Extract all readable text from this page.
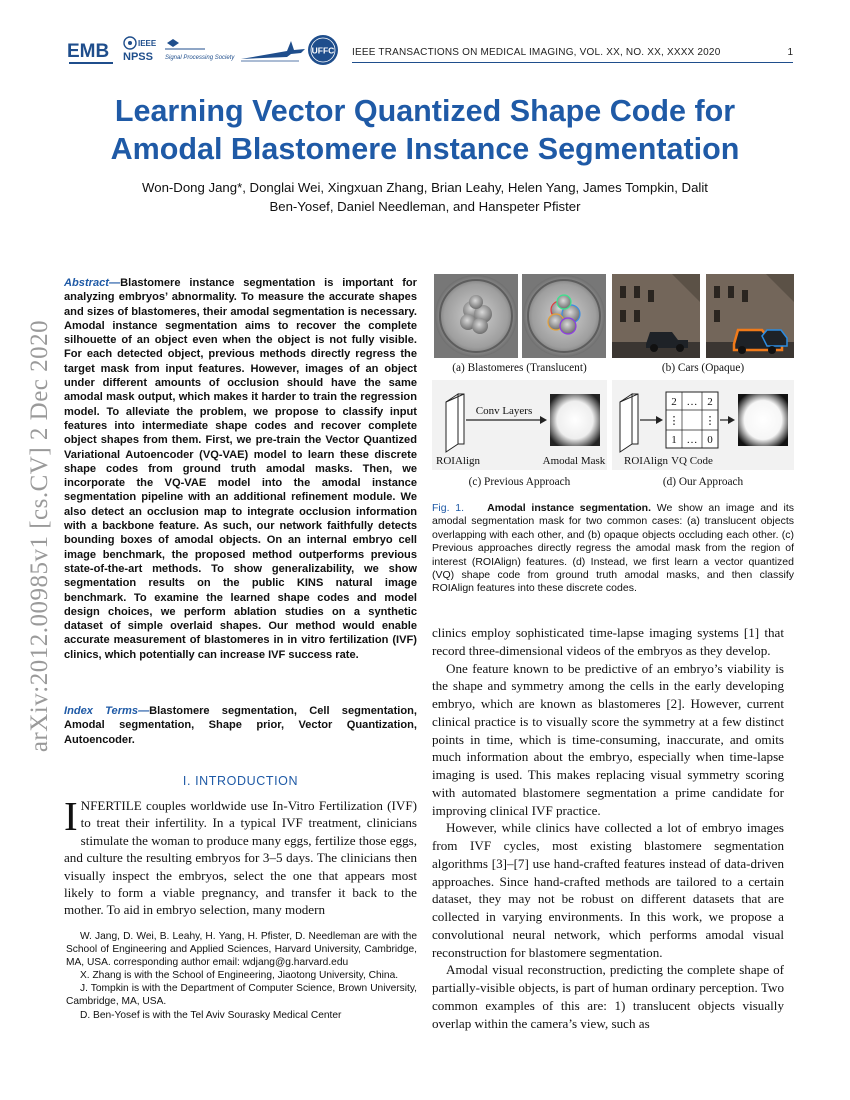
arXiv:2012.00985v1 [cs.CV] 2 Dec 2020
EMB	IEEE
NPSS Signal Processing Society
UFFC IEEE TRANSACTIONS ON MEDICAL IMAGING, VOL. XX, NO. XX, XXXX 2020	1
Learning Vector Quantized Shape Code for
Amodal Blastomere Instance Segmentation
Won-Dong Jang*, Donglai Wei, Xingxuan Zhang, Brian Leahy, Helen Yang, James Tompkin, Dalit
Ben-Yosef, Daniel Needleman, and Hanspeter Pfister
Abstract—Blastomere instance segmentation is important for analyzing embryos’ abnormality. To measure the accurate shapes and sizes of blastomeres, their amodal segmentation is necessary. Amodal instance segmentation aims to recover the complete silhouette of an object even when the object is not fully visible. For each detected object, previous methods directly regress the target mask from input features. However, images of an object under different amounts of occlusion should have the same amodal mask output, which makes it harder to train the regression model. To alleviate the problem, we propose to classify input features into intermediate shape codes and recover complete object shapes from them. First, we pre-train the Vector Quantized Variational Autoencoder (VQ-VAE) model to learn these discrete shape codes from ground truth amodal masks. Then, we incorporate the VQ-VAE model into the amodal instance segmentation pipeline with an additional refinement module. We also detect an occlusion map to integrate occlusion information with a backbone feature. As such, our network faithfully detects bounding boxes of amodal objects. On an internal embryo cell image benchmark, the proposed method outperforms previous state-of-the-art methods. To show generalizability, we show segmentation results on the public KINS natural image benchmark. To examine the learned shape codes and model design choices, we perform ablation studies on a synthetic dataset of simple overlaid shapes. Our method would enable accurate measurement of blastomeres in in vitro fertilization (IVF) clinics, which potentially can increase IVF success rate.
Index Terms—Blastomere segmentation, Cell segmentation, Amodal segmentation, Shape prior, Vector Quantization, Autoencoder.
I. INTRODUCTION
INFERTILE couples worldwide use In-Vitro Fertilization (IVF) to treat their infertility. In a typical IVF treatment, clinicians stimulate the woman to produce many eggs, fertilize those eggs, and culture the resulting embryos for 3–5 days. The clinicians then visually inspect the embryos, select the one that appears most likely to form a viable pregnancy, and transfer it back to the mother. To aid in embryo selection, many modern

W. Jang, D. Wei, B. Leahy, H. Yang, H. Pfister, D. Needleman are with the School of Engineering and Applied Sciences, Harvard University, Cambridge, MA, USA. corresponding author email: wdjang@g.harvard.edu

X. Zhang is with the School of Engineering, Jiaotong University, China.

J. Tompkin is with the Department of Computer Science, Brown University, Cambridge, MA, USA.

D. Ben-Yosef is with the Tel Aviv Sourasky Medical Center

(a) Blastomeres (Translucent)	(b) Cars (Opaque)
Conv Layers
ROIAlign	Amodal Mask
2 … 2
⋮ ⋮
1 … 0
ROIAlign VQ Code
(c) Previous Approach	(d) Our Approach
Fig. 1. Amodal instance segmentation. We show an image and its amodal segmentation mask for two common cases: (a) translucent objects overlapping with each other, and (b) opaque objects occluding each other. (c) Previous approaches directly regress the amodal mask from the region of interest (ROIAlign) features. (d) Instead, we first learn a vector quantized (VQ) shape code from ground truth amodal masks, and then classify ROIAlign features into these discrete codes.

clinics employ sophisticated time-lapse imaging systems [1] that record three-dimensional videos of the embryos as they develop.

One feature known to be predictive of an embryo’s viability is the shape and symmetry among the cells in the early developing embryo, which are known as blastomeres [2]. However, current clinical practice is to visually score the symmetry at a few distinct points in time, which is time-consuming, inaccurate, and omits much information about the embryo, especially when time-lapse imaging is used. This makes replacing visual symmetry scoring with automated blastomere segmentation a prime candidate for improving clinical IVF practice.

However, while clinics have collected a lot of embryo images from IVF cycles, most existing blastomere segmentation algorithms [3]–[7] use hand-crafted features instead of data-driven approaches. Since hand-crafted methods are tailored to a certain dataset, they may not be robust on different datasets that are collected in varying environments. In this work, we propose a convolutional neural network, which performs amodal visual reconstruction for blastomere segmentation.

Amodal visual reconstruction, predicting the complete shape of partially-visible objects, is part of human ordinary perception. Two common examples of this are: 1) translucent objects visually overlap within the camera’s view, such as
